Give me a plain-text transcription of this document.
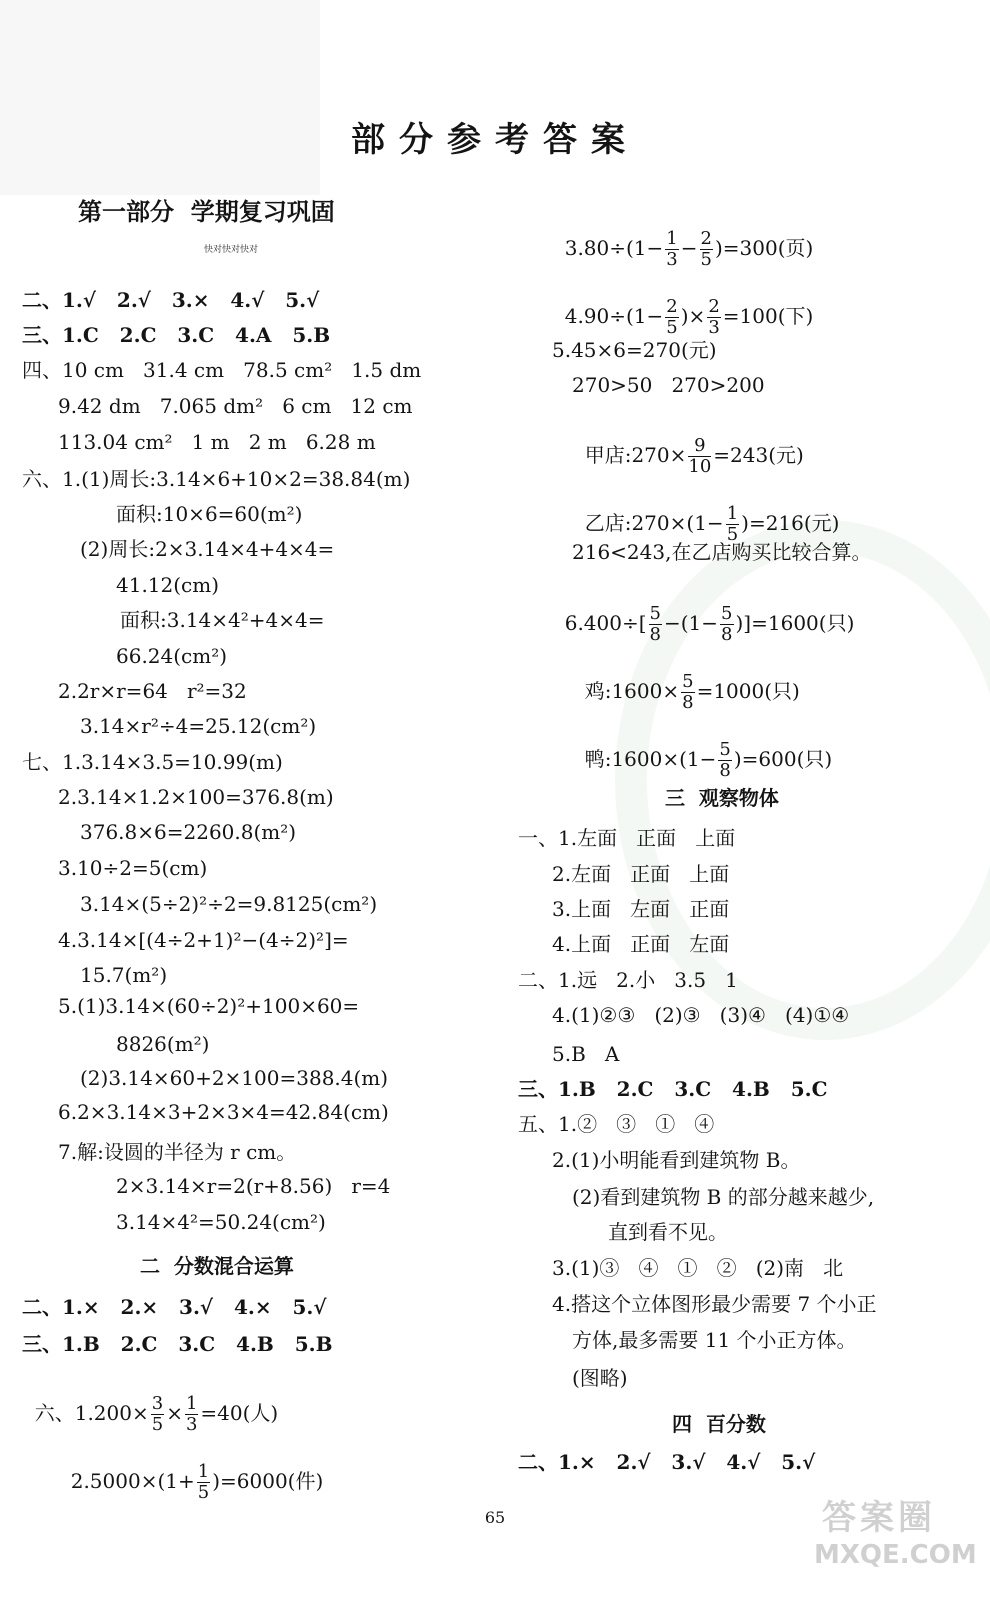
部分参考答案
第一部分  学期复习巩固
快对快对快对
二、1.√   2.√   3.×   4.√   5.√
三、1.C   2.C   3.C   4.A   5.B
四、10 cm   31.4 cm   78.5 cm²   1.5 dm
9.42 dm   7.065 dm²   6 cm   12 cm
113.04 cm²   1 m   2 m   6.28 m
六、1.(1)周长:3.14×6+10×2=38.84(m)
面积:10×6=60(m²)
(2)周长:2×3.14×4+4×4=
41.12(cm)
面积:3.14×4²+4×4=
66.24(cm²)
2.2r×r=64   r²=32
3.14×r²÷4=25.12(cm²)
七、1.3.14×3.5=10.99(m)
2.3.14×1.2×100=376.8(m)
376.8×6=2260.8(m²)
3.10÷2=5(cm)
3.14×(5÷2)²÷2=9.8125(cm²)
4.3.14×[(4÷2+1)²−(4÷2)²]=
15.7(m²)
5.(1)3.14×(60÷2)²+100×60=
8826(m²)
(2)3.14×60+2×100=388.4(m)
6.2×3.14×3+2×3×4=42.84(cm)
7.解:设圆的半径为 r cm。
2×3.14×r=2(r+8.56)   r=4
3.14×4²=50.24(cm²)
二  分数混合运算
二、1.×   2.×   3.√   4.×   5.√
三、1.B   2.C   3.C   4.B   5.B

六、$1.200\times \frac{3}{5} \times \frac{1}{3} =40$(人)

$2.5000\times(1+ \frac{1}{5} )=6000$(件)

$3.80\div(1- \frac{1}{3} - \frac{2}{5} )=300$(页)

$4.90\div(1- \frac{2}{5}$ )× $\frac{2}{3} =100$(下)

5.45×6=270(元)
270>50   270>200

甲店:270× $\frac{9}{10} =243$(元)

乙店:270×(1− $\frac{1}{5} )=216$(元)

216<243,在乙店购买比较合算。

$6.400\div[ \frac{5}{8} -(1- \frac{5}{8} )]=1600$(只)

鸡:1600× $\frac{5}{8} =1000$(只)

鸭:1600×(1− $\frac{5}{8} )=600$(只)

三  观察物体
一、1.左面   正面   上面
2.左面   正面   上面
3.上面   左面   正面
4.上面   正面   左面
二、1.远   2.小   3.5   1
4.(1)②③   (2)③   (3)④   (4)①④
5.B   A
三、1.B   2.C   3.C   4.B   5.C
五、1.②   ③   ①   ④
2.(1)小明能看到建筑物 B。
(2)看到建筑物 B 的部分越来越少,
直到看不见。
3.(1)③   ④   ①   ②   (2)南   北
4.搭这个立体图形最少需要 7 个小正
方体,最多需要 11 个小正方体。
(图略)
四  百分数
二、1.×   2.√   3.√   4.√   5.√
65	答案圈
MXQE.COM
